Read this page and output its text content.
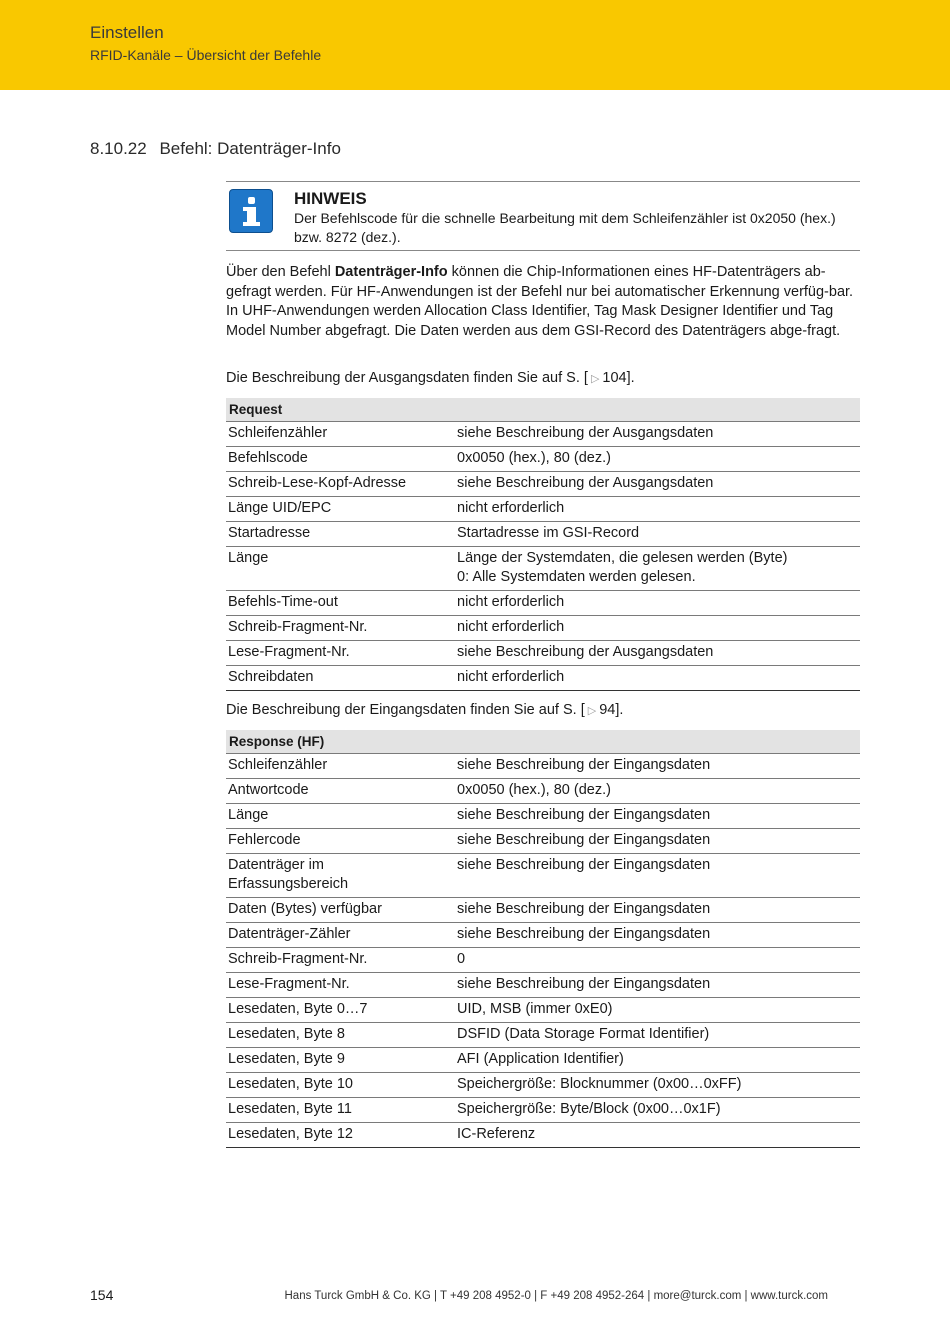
Einstellen
RFID-Kanäle – Übersicht der Befehle
8.10.22 Befehl: Datenträger-Info
HINWEIS
Der Befehlscode für die schnelle Bearbeitung mit dem Schleifenzähler ist 0x2050 (hex.) bzw. 8272 (dez.).
Über den Befehl Datenträger-Info können die Chip-Informationen eines HF-Datenträgers ab-gefragt werden. Für HF-Anwendungen ist der Befehl nur bei automatischer Erkennung verfüg-bar. In UHF-Anwendungen werden Allocation Class Identifier, Tag Mask Designer Identifier und Tag Model Number abgefragt. Die Daten werden aus dem GSI-Record des Datenträgers abge-fragt.
Die Beschreibung der Ausgangsdaten finden Sie auf S. [ ▷ 104].
Request	
Schleifenzähler	siehe Beschreibung der Ausgangsdaten
Befehlscode	0x0050 (hex.), 80 (dez.)
Schreib-Lese-Kopf-Adresse	siehe Beschreibung der Ausgangsdaten
Länge UID/EPC	nicht erforderlich
Startadresse	Startadresse im GSI-Record
Länge	Länge der Systemdaten, die gelesen werden (Byte)
0: Alle Systemdaten werden gelesen.
Befehls-Time-out	nicht erforderlich
Schreib-Fragment-Nr.	nicht erforderlich
Lese-Fragment-Nr.	siehe Beschreibung der Ausgangsdaten
Schreibdaten	nicht erforderlich
Die Beschreibung der Eingangsdaten finden Sie auf S. [ ▷ 94].
Response (HF)	
Schleifenzähler	siehe Beschreibung der Eingangsdaten
Antwortcode	0x0050 (hex.), 80 (dez.)
Länge	siehe Beschreibung der Eingangsdaten
Fehlercode	siehe Beschreibung der Eingangsdaten
Datenträger im
Erfassungsbereich	siehe Beschreibung der Eingangsdaten
Daten (Bytes) verfügbar	siehe Beschreibung der Eingangsdaten
Datenträger-Zähler	siehe Beschreibung der Eingangsdaten
Schreib-Fragment-Nr.	0
Lese-Fragment-Nr.	siehe Beschreibung der Eingangsdaten
Lesedaten, Byte 0…7	UID, MSB (immer 0xE0)
Lesedaten, Byte 8	DSFID (Data Storage Format Identifier)
Lesedaten, Byte 9	AFI (Application Identifier)
Lesedaten, Byte 10	Speichergröße: Blocknummer (0x00…0xFF)
Lesedaten, Byte 11	Speichergröße: Byte/Block (0x00…0x1F)
Lesedaten, Byte 12	IC-Referenz
154	Hans Turck GmbH & Co. KG | T +49 208 4952-0 | F +49 208 4952-264 | more@turck.com | www.turck.com
